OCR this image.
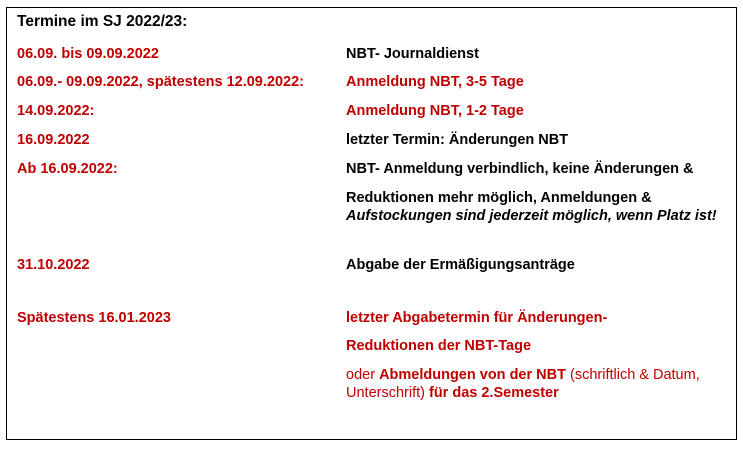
Termine im SJ 2022/23:
06.09. bis 09.09.2022	NBT- Journaldienst
06.09.- 09.09.2022, spätestens 12.09.2022:	Anmeldung NBT, 3-5 Tage
14.09.2022:	Anmeldung NBT, 1-2 Tage
16.09.2022	letzter Termin: Änderungen NBT
Ab 16.09.2022:	NBT- Anmeldung verbindlich, keine Änderungen &
Reduktionen mehr möglich, Anmeldungen &
Aufstockungen sind jederzeit möglich, wenn Platz ist!
31.10.2022	Abgabe der Ermäßigungsanträge
Spätestens 16.01.2023	letzter Abgabetermin für Änderungen-
Reduktionen der NBT-Tage
oder Abmeldungen von der NBT (schriftlich & Datum,
Unterschrift) für das 2.Semester
